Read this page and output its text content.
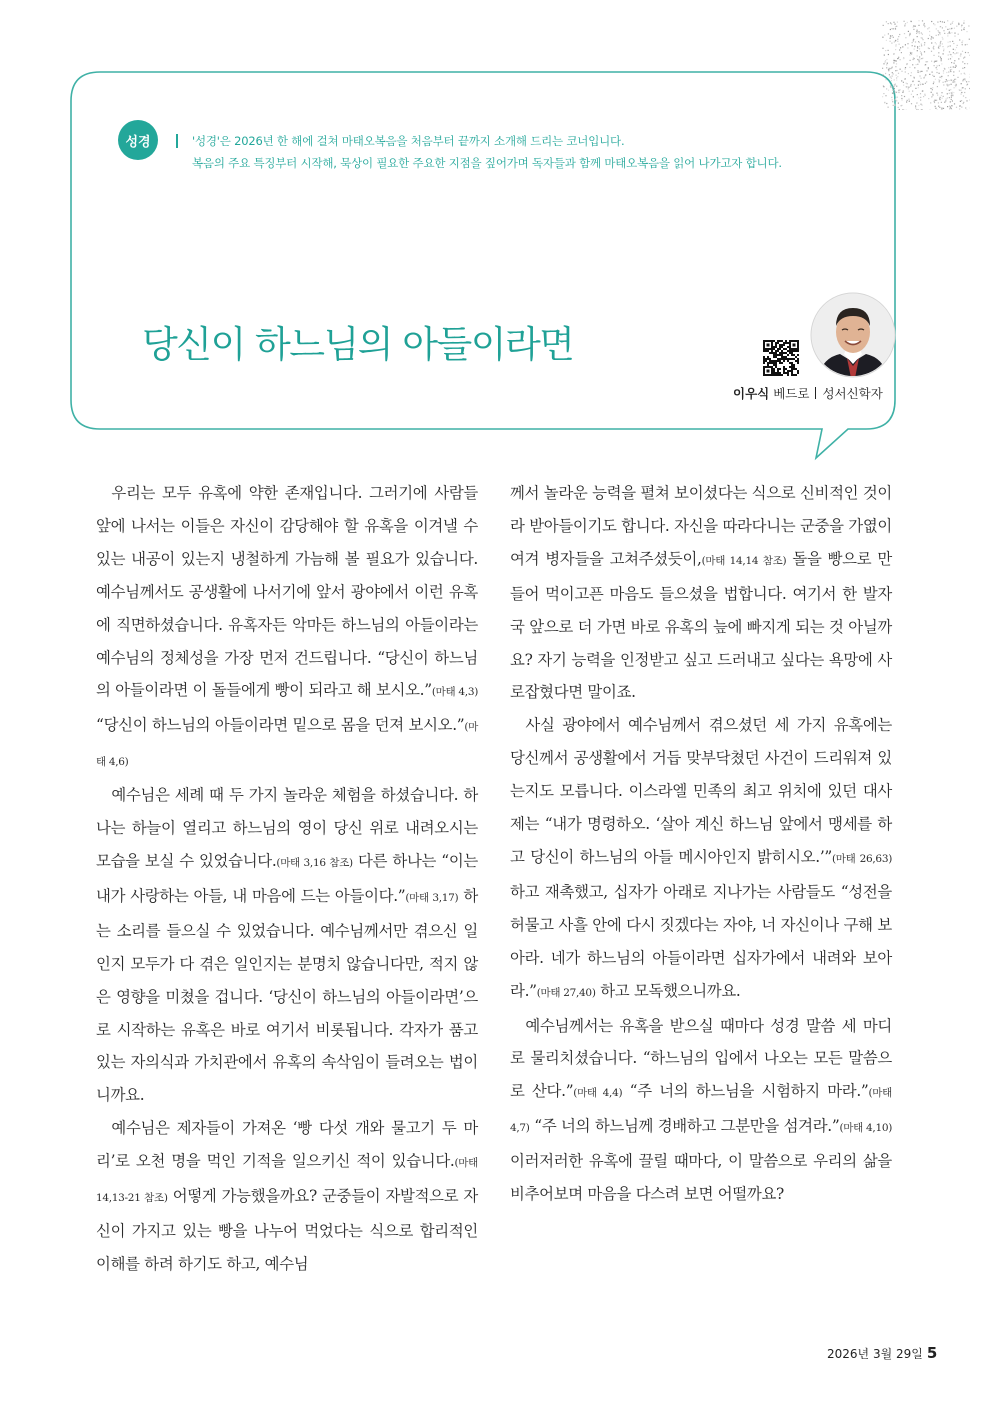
성경	'성경'은 2026년 한 해에 걸쳐 마태오복음을 처음부터 끝까지 소개해 드리는 코너입니다.
복음의 주요 특징부터 시작해, 묵상이 필요한 주요한 지점을 짚어가며 독자들과 함께 마태오복음을 읽어 나가고자 합니다.
당신이 하느님의 아들이라면
이우식 베드로 성서신학자

우리는 모두 유혹에 약한 존재입니다. 그러기에 사람들 앞에 나서는 이들은 자신이 감당해야 할 유혹을 이겨낼 수 있는 내공이 있는지 냉철하게 가늠해 볼 필요가 있습니다. 예수님께서도 공생활에 나서기에 앞서 광야에서 이런 유혹에 직면하셨습니다. 유혹자든 악마든 하느님의 아들이라는 예수님의 정체성을 가장 먼저 건드립니다. “당신이 하느님의 아들이라면 이 돌들에게 빵이 되라고 해 보시오.”(마태 4,3) “당신이 하느님의 아들이라면 밑으로 몸을 던져 보시오.”(마태 4,6)

예수님은 세례 때 두 가지 놀라운 체험을 하셨습니다. 하나는 하늘이 열리고 하느님의 영이 당신 위로 내려오시는 모습을 보실 수 있었습니다.(마태 3,16 참조) 다른 하나는 “이는 내가 사랑하는 아들, 내 마음에 드는 아들이다.”(마태 3,17) 하는 소리를 들으실 수 있었습니다. 예수님께서만 겪으신 일인지 모두가 다 겪은 일인지는 분명치 않습니다만, 적지 않은 영향을 미쳤을 겁니다. ‘당신이 하느님의 아들이라면’으로 시작하는 유혹은 바로 여기서 비롯됩니다. 각자가 품고 있는 자의식과 가치관에서 유혹의 속삭임이 들려오는 법이니까요.

예수님은 제자들이 가져온 ‘빵 다섯 개와 물고기 두 마리’로 오천 명을 먹인 기적을 일으키신 적이 있습니다.(마태 14,13-21 참조) 어떻게 가능했을까요? 군중들이 자발적으로 자신이 가지고 있는 빵을 나누어 먹었다는 식으로 합리적인 이해를 하려 하기도 하고, 예수님

께서 놀라운 능력을 펼쳐 보이셨다는 식으로 신비적인 것이라 받아들이기도 합니다. 자신을 따라다니는 군중을 가엾이 여겨 병자들을 고쳐주셨듯이,(마태 14,14 참조) 돌을 빵으로 만들어 먹이고픈 마음도 들으셨을 법합니다. 여기서 한 발자국 앞으로 더 가면 바로 유혹의 늪에 빠지게 되는 것 아닐까요? 자기 능력을 인정받고 싶고 드러내고 싶다는 욕망에 사로잡혔다면 말이죠.

사실 광야에서 예수님께서 겪으셨던 세 가지 유혹에는 당신께서 공생활에서 거듭 맞부닥쳤던 사건이 드리워져 있는지도 모릅니다. 이스라엘 민족의 최고 위치에 있던 대사제는 “내가 명령하오. ‘살아 계신 하느님 앞에서 맹세를 하고 당신이 하느님의 아들 메시아인지 밝히시오.’”(마태 26,63) 하고 재촉했고, 십자가 아래로 지나가는 사람들도 “성전을 허물고 사흘 안에 다시 짓겠다는 자야, 너 자신이나 구해 보아라. 네가 하느님의 아들이라면 십자가에서 내려와 보아라.”(마태 27,40) 하고 모독했으니까요.

예수님께서는 유혹을 받으실 때마다 성경 말씀 세 마디로 물리치셨습니다. “하느님의 입에서 나오는 모든 말씀으로 산다.”(마태 4,4) “주 너의 하느님을 시험하지 마라.”(마태 4,7) “주 너의 하느님께 경배하고 그분만을 섬겨라.”(마태 4,10) 이러저러한 유혹에 끌릴 때마다, 이 말씀으로 우리의 삶을 비추어보며 마음을 다스려 보면 어떨까요?

2026년 3월 29일 5
